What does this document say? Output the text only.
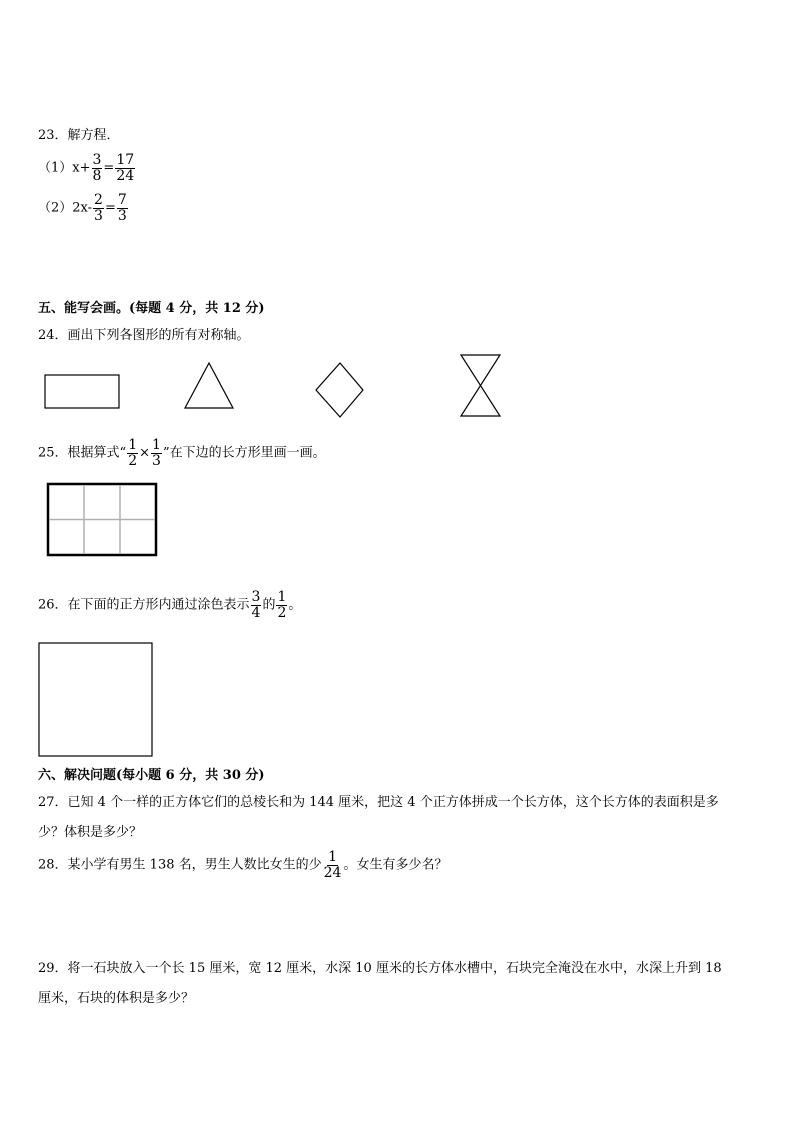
23．解方程．
$(1)x+ \frac{3}{8} = \frac{17}{24}$
$(2)2x- \frac{2}{3} = \frac{7}{3}$
五、能写会画。(每题 4 分，共 12 分)
24．画出下列各图形的所有对称轴。
25．根据算式“ $\frac{1}{2} \times \frac{1}{3}$ ”在下边的长方形里画一画。
26．在下面的正方形内通过涂色表示 $\frac{3}{4}$ 的 $\frac{1}{2}$ 。
六、解决问题(每小题 6 分，共 30 分)
27．已知 4 个一样的正方体它们的总棱长和为 144 厘米，把这 4 个正方体拼成一个长方体，这个长方体的表面积是多
少？体积是多少？
28．某小学有男生 138 名，男生人数比女生的少 $\frac{1}{24}$ 。女生有多少名？
29．将一石块放入一个长 15 厘米，宽 12 厘米，水深 10 厘米的长方体水槽中，石块完全淹没在水中，水深上升到 18
厘米，石块的体积是多少？
